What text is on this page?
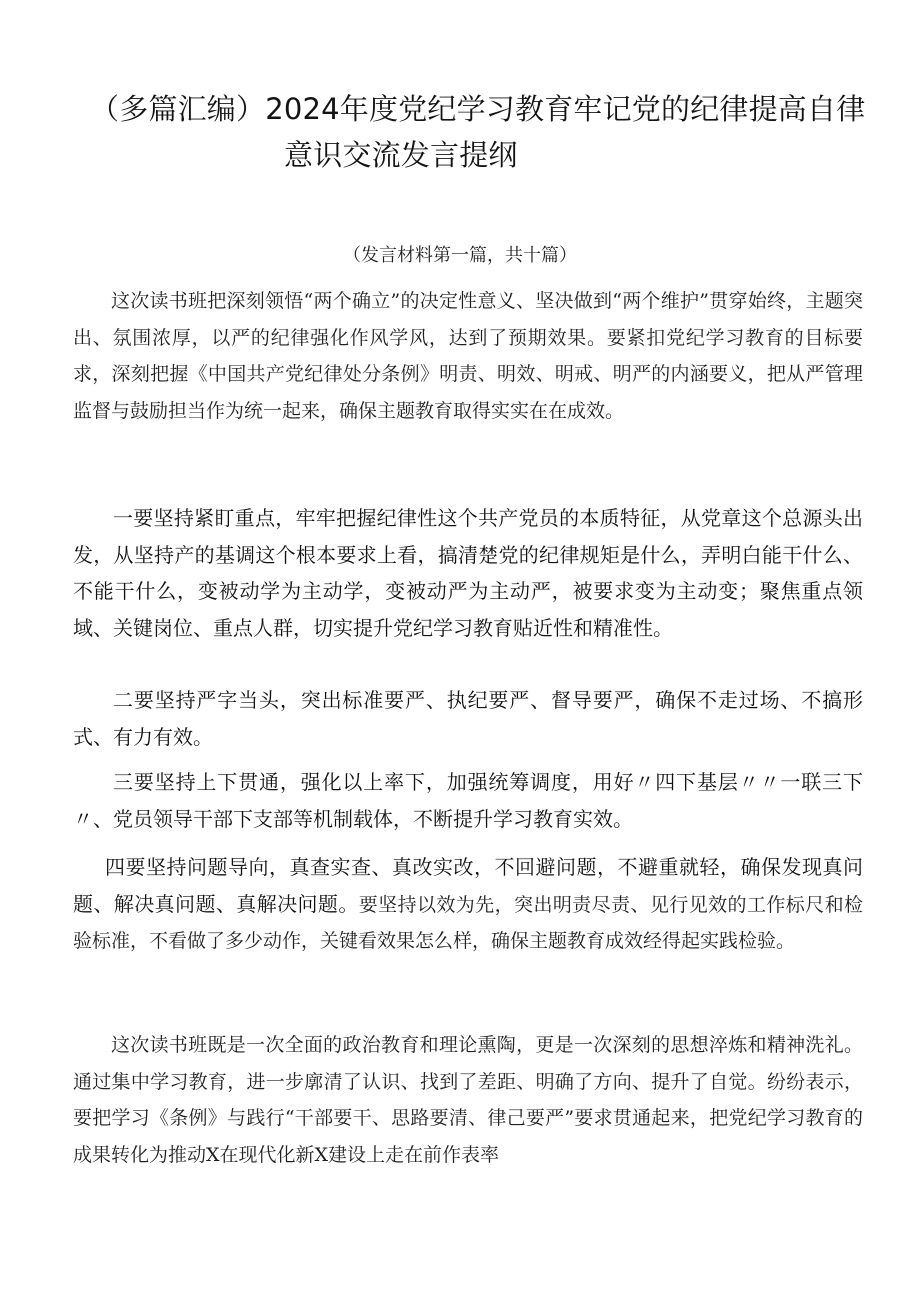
（多篇汇编）2024年度党纪学习教育牢记党的纪律提高自律
意识交流发言提纲
（发言材料第一篇，共十篇）

这次读书班把深刻领悟“两个确立”的决定性意义、坚决做到“两个维护”贯穿始终，主题突出、氛围浓厚，以严的纪律强化作风学风，达到了预期效果。要紧扣党纪学习教育的目标要求，深刻把握《中国共产党纪律处分条例》明责、明效、明戒、明严的内涵要义，把从严管理监督与鼓励担当作为统一起来，确保主题教育取得实实在在成效。

一要坚持紧盯重点，牢牢把握纪律性这个共产党员的本质特征，从党章这个总源头出发，从坚持产的基调这个根本要求上看，搞清楚党的纪律规矩是什么，弄明白能干什么、不能干什么，变被动学为主动学，变被动严为主动严，被要求变为主动变；聚焦重点领域、关键岗位、重点人群，切实提升党纪学习教育贴近性和精准性。

二要坚持严字当头，突出标准要严、执纪要严、督导要严，确保不走过场、不搞形式、有力有效。

三要坚持上下贯通，强化以上率下，加强统筹调度，用好〃四下基层〃〃一联三下〃、党员领导干部下支部等机制载体，不断提升学习教育实效。

四要坚持问题导向，真查实查、真改实改，不回避问题，不避重就轻，确保发现真问题、解决真问题、真解决问题。要坚持以效为先，突出明责尽责、见行见效的工作标尺和检验标准，不看做了多少动作，关键看效果怎么样，确保主题教育成效经得起实践检验。

这次读书班既是一次全面的政治教育和理论熏陶，更是一次深刻的思想淬炼和精神洗礼。通过集中学习教育，进一步廓清了认识、找到了差距、明确了方向、提升了自觉。纷纷表示，要把学习《条例》与践行“干部要干、思路要清、律己要严”要求贯通起来，把党纪学习教育的成果转化为推动X在现代化新X建设上走在前作表率
